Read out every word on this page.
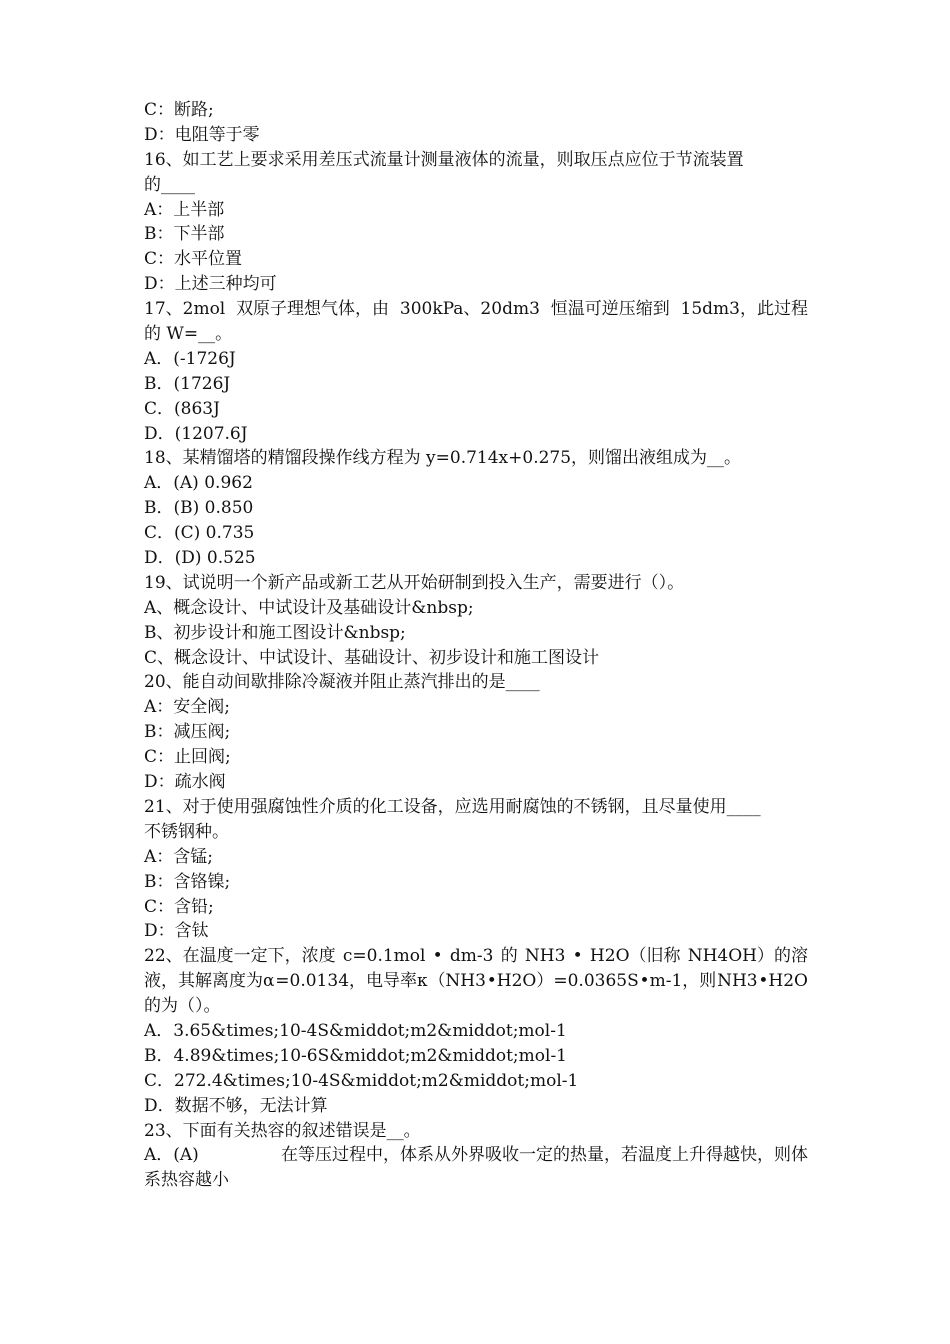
C：断路;
D：电阻等于零
16、如工艺上要求采用差压式流量计测量液体的流量，则取压点应位于节流装置
的____
A：上半部
B：下半部
C：水平位置
D：上述三种均可
17、2mol 双原子理想气体，由 300kPa、20dm3 恒温可逆压缩到 15dm3，此过程
的 W=__。
A．(-1726J
B．(1726J
C．(863J
D．(1207.6J
18、某精馏塔的精馏段操作线方程为 y=0.714x+0.275，则馏出液组成为__。
A．(A) 0.962
B．(B) 0.850
C．(C) 0.735
D．(D) 0.525
19、试说明一个新产品或新工艺从开始研制到投入生产，需要进行（）。
A、概念设计、中试设计及基础设计&nbsp;
B、初步设计和施工图设计&nbsp;
C、概念设计、中试设计、基础设计、初步设计和施工图设计
20、能自动间歇排除冷凝液并阻止蒸汽排出的是____
A：安全阀;
B：减压阀;
C：止回阀;
D：疏水阀
21、对于使用强腐蚀性介质的化工设备，应选用耐腐蚀的不锈钢，且尽量使用____
不锈钢种。
A：含锰;
B：含铬镍;
C：含铅;
D：含钛
22、在温度一定下，浓度 c=0.1mol • dm-3 的 NH3 • H2O（旧称 NH4OH）的溶
液，其解离度为α =0.0134，电导率κ （NH3 •H2O）=0.0365S •m-1，则 NH3 •H2O
的为（）。
A．3.65&times;10-4S&middot;m2&middot;mol-1
B．4.89&times;10-6S&middot;m2&middot;mol-1
C．272.4&times;10-4S&middot;m2&middot;mol-1
D．数据不够，无法计算
23、下面有关热容的叙述错误是__。
A．(A)	在等压过程中，体系从外界吸收一定的热量，若温度上升得越快，则体
系热容越小
